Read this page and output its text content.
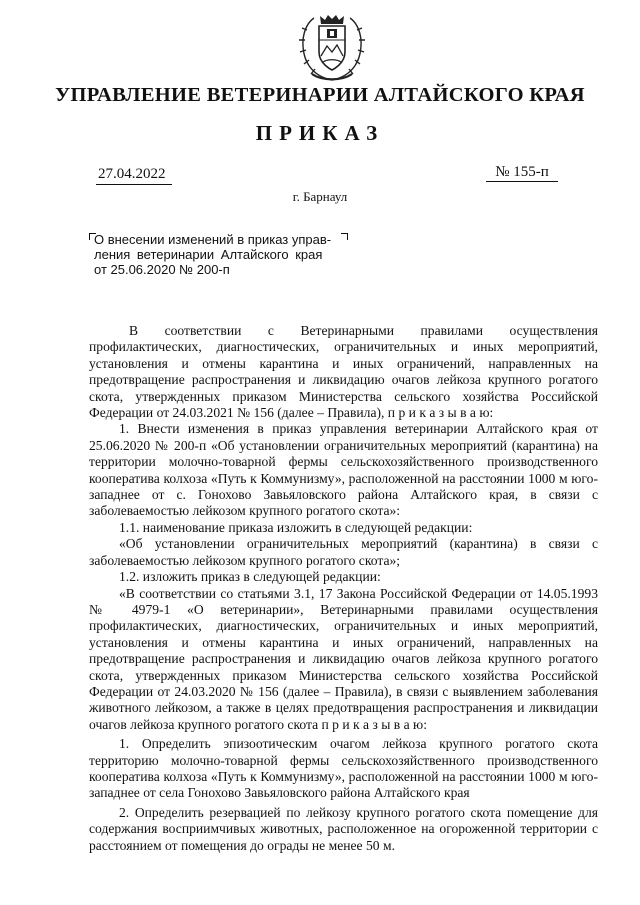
УПРАВЛЕНИЕ ВЕТЕРИНАРИИ АЛТАЙСКОГО КРАЯ
ПРИКАЗ
27.04.2022	№ 155-п
г. Барнаул
О внесении изменений в приказ управ-
ления ветеринарии Алтайского края
от 25.06.2020 № 200-п

В соответствии с Ветеринарными правилами осуществления профилактических, диагностических, ограничительных и иных мероприятий, установления и отмены карантина и иных ограничений, направленных на предотвращение распространения и ликвидацию очагов лейкоза крупного рогатого скота, утвержденных приказом Министерства сельского хозяйства Российской Федерации от 24.03.2021 № 156 (далее – Правила), п р и к а з ы в а ю:

1. Внести изменения в приказ управления ветеринарии Алтайского края от 25.06.2020 № 200-п «Об установлении ограничительных мероприятий (карантина) на территории молочно-товарной фермы сельскохозяйственного производственного кооператива колхоза «Путь к Коммунизму», расположенной на расстоянии 1000 м юго-западнее от с. Гонохово Завьяловского района Алтайского края, в связи с заболеваемостью лейкозом крупного рогатого скота»:

1.1. наименование приказа изложить в следующей редакции:

«Об установлении ограничительных мероприятий (карантина) в связи с заболеваемостью лейкозом крупного рогатого скота»;

1.2. изложить приказ в следующей редакции:

«В соответствии со статьями 3.1, 17 Закона Российской Федерации от 14.05.1993 № 4979-1 «О ветеринарии», Ветеринарными правилами осуществления профилактических, диагностических, ограничительных и иных мероприятий, установления и отмены карантина и иных ограничений, направленных на предотвращение распространения и ликвидацию очагов лейкоза крупного рогатого скота, утвержденных приказом Министерства сельского хозяйства Российской Федерации от 24.03.2020 № 156 (далее – Правила), в связи с выявлением заболевания животного лейкозом, а также в целях предотвращения распространения и ликвидации очагов лейкоза крупного рогатого скота п р и к а з ы в а ю:

1. Определить эпизоотическим очагом лейкоза крупного рогатого скота территорию молочно-товарной фермы сельскохозяйственного производственного кооператива колхоза «Путь к Коммунизму», расположенной на расстоянии 1000 м юго-западнее от села Гонохово Завьяловского района Алтайского края

2. Определить резервацией по лейкозу крупного рогатого скота помещение для содержания восприимчивых животных, расположенное на огороженной территории с расстоянием от помещения до ограды не менее 50 м.
